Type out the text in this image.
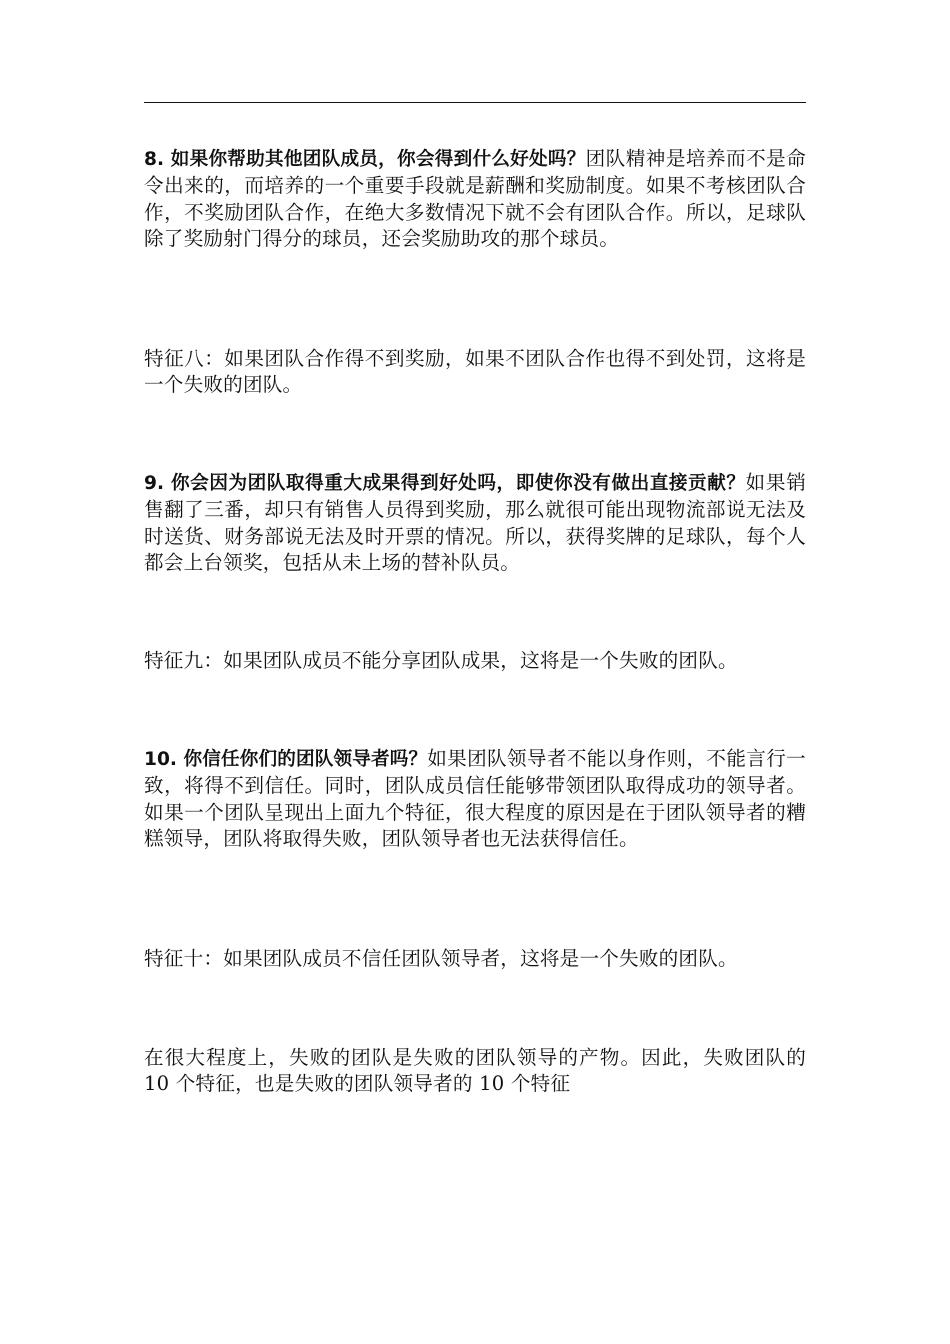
8. 如果你帮助其他团队成员，你会得到什么好处吗？团队精神是培养而不是命令出来的，而培养的一个重要手段就是薪酬和奖励制度。如果不考核团队合作，不奖励团队合作，在绝大多数情况下就不会有团队合作。所以，足球队除了奖励射门得分的球员，还会奖励助攻的那个球员。

特征八：如果团队合作得不到奖励，如果不团队合作也得不到处罚，这将是一个失败的团队。

9. 你会因为团队取得重大成果得到好处吗，即使你没有做出直接贡献？如果销售翻了三番，却只有销售人员得到奖励，那么就很可能出现物流部说无法及时送货、财务部说无法及时开票的情况。所以，获得奖牌的足球队，每个人都会上台领奖，包括从未上场的替补队员。

特征九：如果团队成员不能分享团队成果，这将是一个失败的团队。

10. 你信任你们的团队领导者吗？如果团队领导者不能以身作则，不能言行一致，将得不到信任。同时，团队成员信任能够带领团队取得成功的领导者。如果一个团队呈现出上面九个特征，很大程度的原因是在于团队领导者的糟糕领导，团队将取得失败，团队领导者也无法获得信任。

特征十：如果团队成员不信任团队领导者，这将是一个失败的团队。

在很大程度上，失败的团队是失败的团队领导的产物。因此，失败团队的 10 个特征，也是失败的团队领导者的 10 个特征
